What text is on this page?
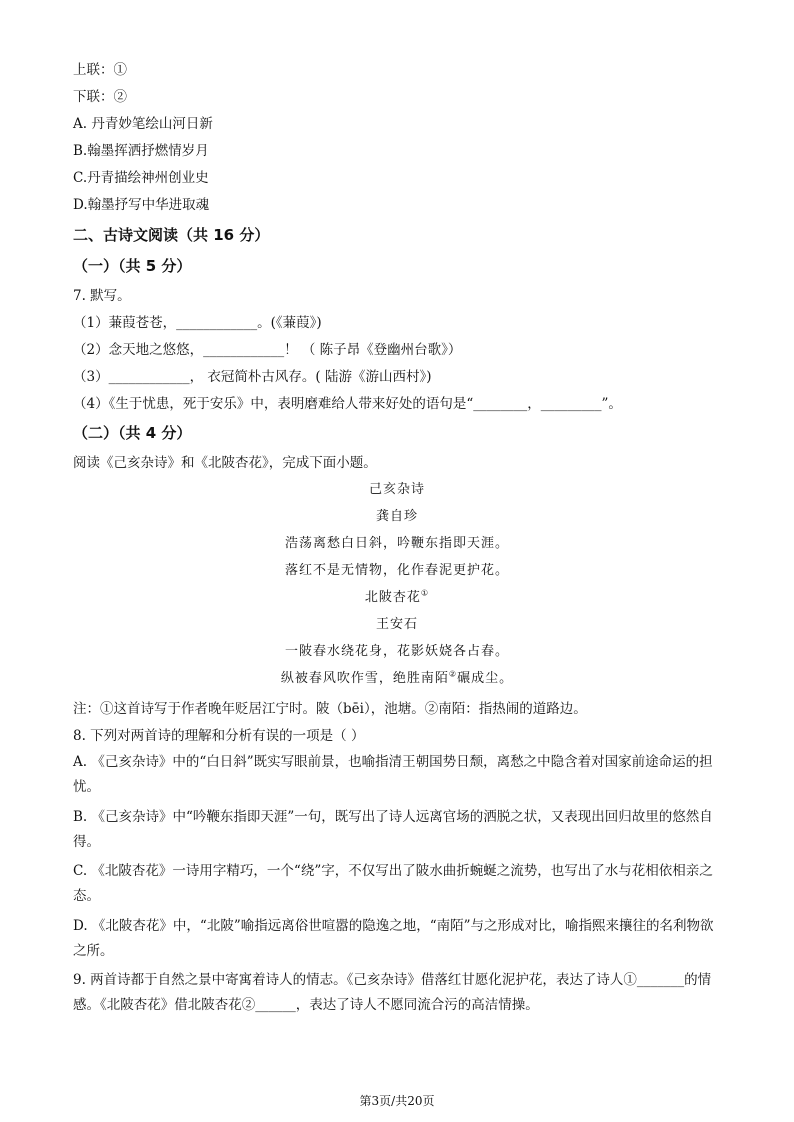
上联：①
下联：②
A. 丹青妙笔绘山河日新
B.翰墨挥洒抒燃情岁月
C.丹青描绘神州创业史
D.翰墨抒写中华进取魂
二、古诗文阅读（共 16 分）
（一）（共 5 分）
7. 默写。
（1）蒹葭苍苍，____________。(《蒹葭》)
（2）念天地之悠悠，____________！ （ 陈子昂《登幽州台歌》）
（3）____________， 衣冠简朴古风存。( 陆游《游山西村》)
（4）《生于忧患，死于安乐》中，表明磨难给人带来好处的语句是“________，_________”。
（二）（共 4 分）
阅读《己亥杂诗》和《北陂杏花》，完成下面小题。
己亥杂诗
龚自珍
浩荡离愁白日斜，吟鞭东指即天涯。
落红不是无情物，化作春泥更护花。
北陂杏花①
王安石
一陂春水绕花身，花影妖娆各占春。
纵被春风吹作雪，绝胜南陌②碾成尘。
注：①这首诗写于作者晚年贬居江宁时。陂（bēi），池塘。②南陌：指热闹的道路边。
8. 下列对两首诗的理解和分析有误的一项是（ ）
A. 《己亥杂诗》中的“白日斜”既实写眼前景，也喻指清王朝国势日颓，离愁之中隐含着对国家前途命运的担忧。
B. 《己亥杂诗》中“吟鞭东指即天涯”一句，既写出了诗人远离官场的洒脱之状，又表现出回归故里的悠然自得。
C. 《北陂杏花》一诗用字精巧，一个“绕”字，不仅写出了陂水曲折蜿蜒之流势，也写出了水与花相依相亲之态。
D. 《北陂杏花》中，“北陂”喻指远离俗世喧嚣的隐逸之地，“南陌”与之形成对比，喻指熙来攘往的名利物欲之所。
9. 两首诗都于自然之景中寄寓着诗人的情志。《己亥杂诗》借落红甘愿化泥护花，表达了诗人①_______的情感。《北陂杏花》借北陂杏花②______，表达了诗人不愿同流合污的高洁情操。
第3页/共20页
